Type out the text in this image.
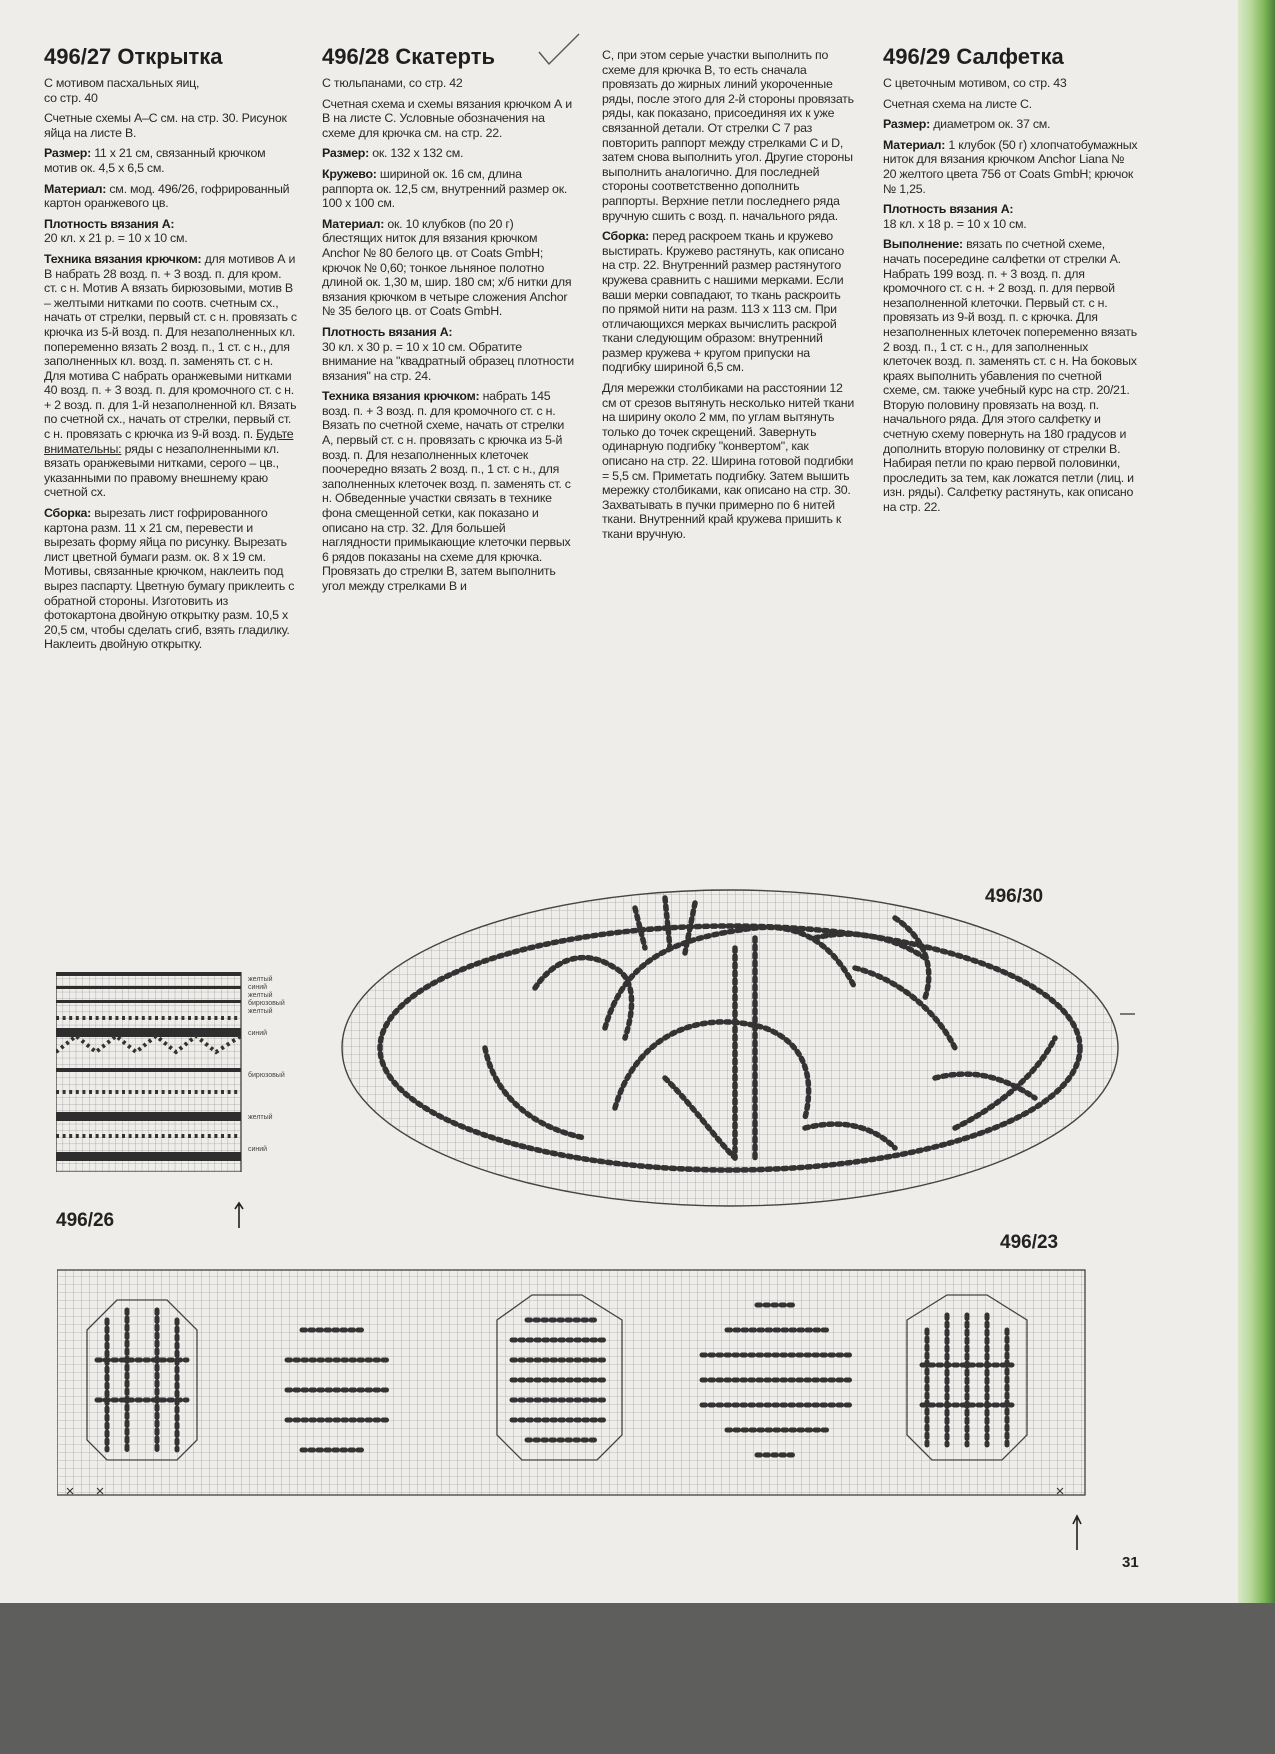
496/27 Открытка

С мотивом пасхальных яиц,

со стр. 40

Счетные схемы А–С см. на стр. 30. Рисунок яйца на листе В.

Размер: 11 x 21 см, связанный крючком мотив ок. 4,5 x 6,5 см.

Материал: см. мод. 496/26, гофрированный картон оранжевого цв.

Плотность вязания А:
20 кл. x 21 р. = 10 x 10 см.

Техника вязания крючком: для мотивов А и В набрать 28 возд. п. + 3 возд. п. для кром. ст. с н. Мотив А вязать бирюзовыми, мотив В – желтыми нитками по соотв. счетным сх., начать от стрелки, первый ст. с н. провязать с крючка из 5-й возд. п. Для незаполненных кл. попеременно вязать 2 возд. п., 1 ст. с н., для заполненных кл. возд. п. заменять ст. с н. Для мотива С набрать оранжевыми нитками 40 возд. п. + 3 возд. п. для кромочного ст. с н. + 2 возд. п. для 1-й незаполненной кл. Вязать по счетной сх., начать от стрелки, первый ст. с н. провязать с крючка из 9-й возд. п. Будьте внимательны: ряды с незаполненными кл. вязать оранжевыми нитками, серого – цв., указанными по правому внешнему краю счетной сх.

Сборка: вырезать лист гофрированного картона разм. 11 x 21 см, перевести и вырезать форму яйца по рисунку. Вырезать лист цветной бумаги разм. ок. 8 x 19 см. Мотивы, связанные крючком, наклеить под вырез паспарту. Цветную бумагу приклеить с обратной стороны. Изготовить из фотокартона двойную открытку разм. 10,5 x 20,5 см, чтобы сделать сгиб, взять гладилку. Наклеить двойную открытку.

496/28 Скатерть

С тюльпанами, со стр. 42

Счетная схема и схемы вязания крючком А и В на листе С. Условные обозначения на схеме для крючка см. на стр. 22.

Размер: ок. 132 x 132 см.

Кружево: шириной ок. 16 см, длина раппорта ок. 12,5 см, внутренний размер ок. 100 x 100 см.

Материал: ок. 10 клубков (по 20 г) блестящих ниток для вязания крючком Anchor № 80 белого цв. от Coats GmbH; крючок № 0,60; тонкое льняное полотно длиной ок. 1,30 м, шир. 180 см; х/б нитки для вязания крючком в четыре сложения Anchor № 35 белого цв. от Coats GmbH.

Плотность вязания А:
30 кл. x 30 р. = 10 x 10 см. Обратите внимание на "квадратный образец плотности вязания" на стр. 24.

Техника вязания крючком: набрать 145 возд. п. + 3 возд. п. для кромочного ст. с н. Вязать по счетной схеме, начать от стрелки А, первый ст. с н. провязать с крючка из 5-й возд. п. Для незаполненных клеточек поочередно вязать 2 возд. п., 1 ст. с н., для заполненных клеточек возд. п. заменять ст. с н. Обведенные участки связать в технике фона смещенной сетки, как показано и описано на стр. 32. Для большей наглядности примыкающие клеточки первых 6 рядов показаны на схеме для крючка. Провязать до стрелки В, затем выполнить угол между стрелками В и

С, при этом серые участки выполнить по схеме для крючка В, то есть сначала провязать до жирных линий укороченные ряды, после этого для 2-й стороны провязать ряды, как показано, присоединяя их к уже связанной детали. От стрелки С 7 раз повторить раппорт между стрелками С и D, затем снова выполнить угол. Другие стороны выполнить аналогично. Для последней стороны соответственно дополнить раппорты. Верхние петли последнего ряда вручную сшить с возд. п. начального ряда.

Сборка: перед раскроем ткань и кружево выстирать. Кружево растянуть, как описано на стр. 22. Внутренний размер растянутого кружева сравнить с нашими мерками. Если ваши мерки совпадают, то ткань раскроить по прямой нити на разм. 113 x 113 см. При отличающихся мерках вычислить раскрой ткани следующим образом: внутренний размер кружева + кругом припуски на подгибку шириной 6,5 см.

Для мережки столбиками на расстоянии 12 см от срезов вытянуть несколько нитей ткани на ширину около 2 мм, по углам вытянуть только до точек скрещений. Завернуть одинарную подгибку "конвертом", как описано на стр. 22. Ширина готовой подгибки = 5,5 см. Приметать подгибку. Затем вышить мережку столбиками, как описано на стр. 30. Захватывать в пучки примерно по 6 нитей ткани. Внутренний край кружева пришить к ткани вручную.

496/29 Салфетка

С цветочным мотивом, со стр. 43

Счетная схема на листе С.

Размер: диаметром ок. 37 см.

Материал: 1 клубок (50 г) хлопчатобумажных ниток для вязания крючком Anchor Liana № 20 желтого цвета 756 от Coats GmbH; крючок № 1,25.

Плотность вязания А:
18 кл. x 18 р. = 10 x 10 см.

Выполнение: вязать по счетной схеме, начать посередине салфетки от стрелки А. Набрать 199 возд. п. + 3 возд. п. для кромочного ст. с н. + 2 возд. п. для первой незаполненной клеточки. Первый ст. с н. провязать из 9-й возд. п. с крючка. Для незаполненных клеточек попеременно вязать 2 возд. п., 1 ст. с н., для заполненных клеточек возд. п. заменять ст. с н. На боковых краях выполнить убавления по счетной схеме, см. также учебный курс на стр. 20/21. Вторую половину провязать на возд. п. начального ряда. Для этого салфетку и счетную схему повернуть на 180 градусов и дополнить вторую половинку от стрелки В. Набирая петли по краю первой половинки, проследить за тем, как ложатся петли (лиц. и изн. ряды). Салфетку растянуть, как описано на стр. 22.

496/30
желтый
синий
желтый
бирюзовый
желтый
синий
бирюзовый
желтый
синий
496/26
496/23
31
